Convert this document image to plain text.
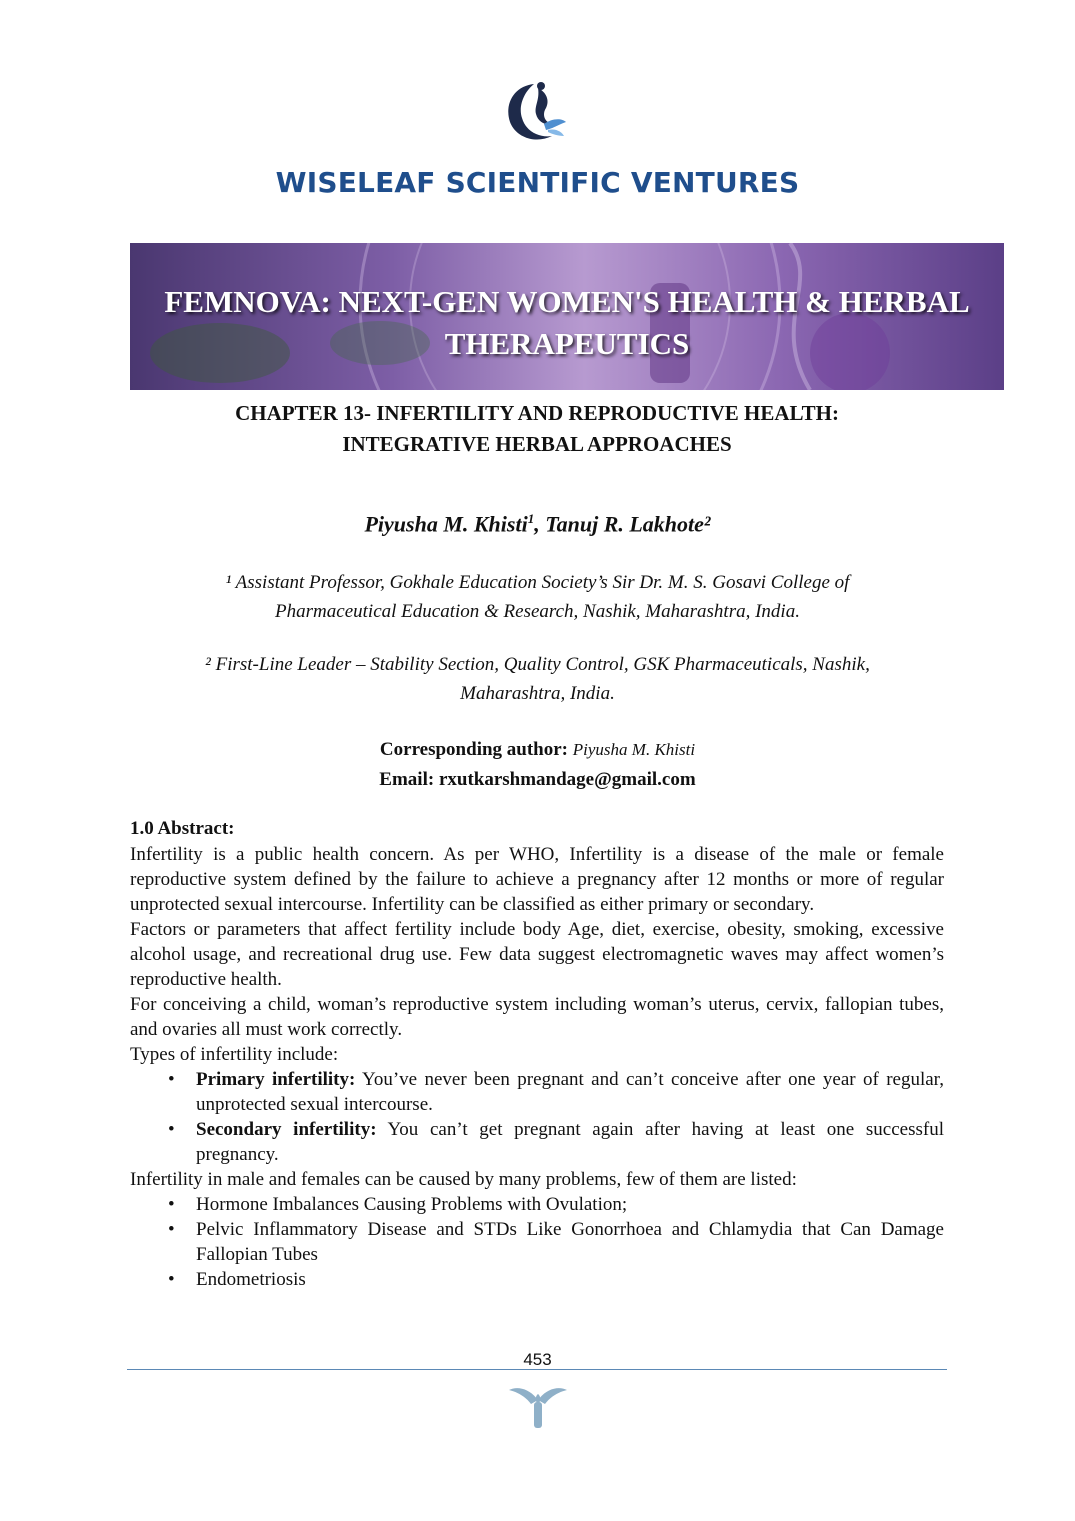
WISELEAF SCIENTIFIC VENTURES
FEMNOVA: NEXT-GEN WOMEN'S HEALTH & HERBAL
THERAPEUTICS
CHAPTER 13- INFERTILITY AND REPRODUCTIVE HEALTH:
INTEGRATIVE HERBAL APPROACHES
Piyusha M. Khisti$^1$, Tanuj R. Lakhote²
¹ Assistant Professor, Gokhale Education Society’s Sir Dr. M. S. Gosavi College of
Pharmaceutical Education & Research, Nashik, Maharashtra, India.
² First-Line Leader – Stability Section, Quality Control, GSK Pharmaceuticals, Nashik,
Maharashtra, India.
Corresponding author: Piyusha M. Khisti
Email: rxutkarshmandage@gmail.com
1.0 Abstract:

Infertility is a public health concern. As per WHO, Infertility is a disease of the male or female reproductive system defined by the failure to achieve a pregnancy after 12 months or more of regular unprotected sexual intercourse. Infertility can be classified as either primary or secondary.

Factors or parameters that affect fertility include body Age, diet, exercise, obesity, smoking, excessive alcohol usage, and recreational drug use. Few data suggest electromagnetic waves may affect women’s reproductive health.

For conceiving a child, woman’s reproductive system including woman’s uterus, cervix, fallopian tubes, and ovaries all must work correctly.

Types of infertility include:

• Primary infertility: You’ve never been pregnant and can’t conceive after one year of regular, unprotected sexual intercourse.
• Secondary infertility: You can’t get pregnant again after having at least one successful pregnancy.

Infertility in male and females can be caused by many problems, few of them are listed:

• Hormone Imbalances Causing Problems with Ovulation;
• Pelvic Inflammatory Disease and STDs Like Gonorrhoea and Chlamydia that Can Damage Fallopian Tubes
• Endometriosis
453
